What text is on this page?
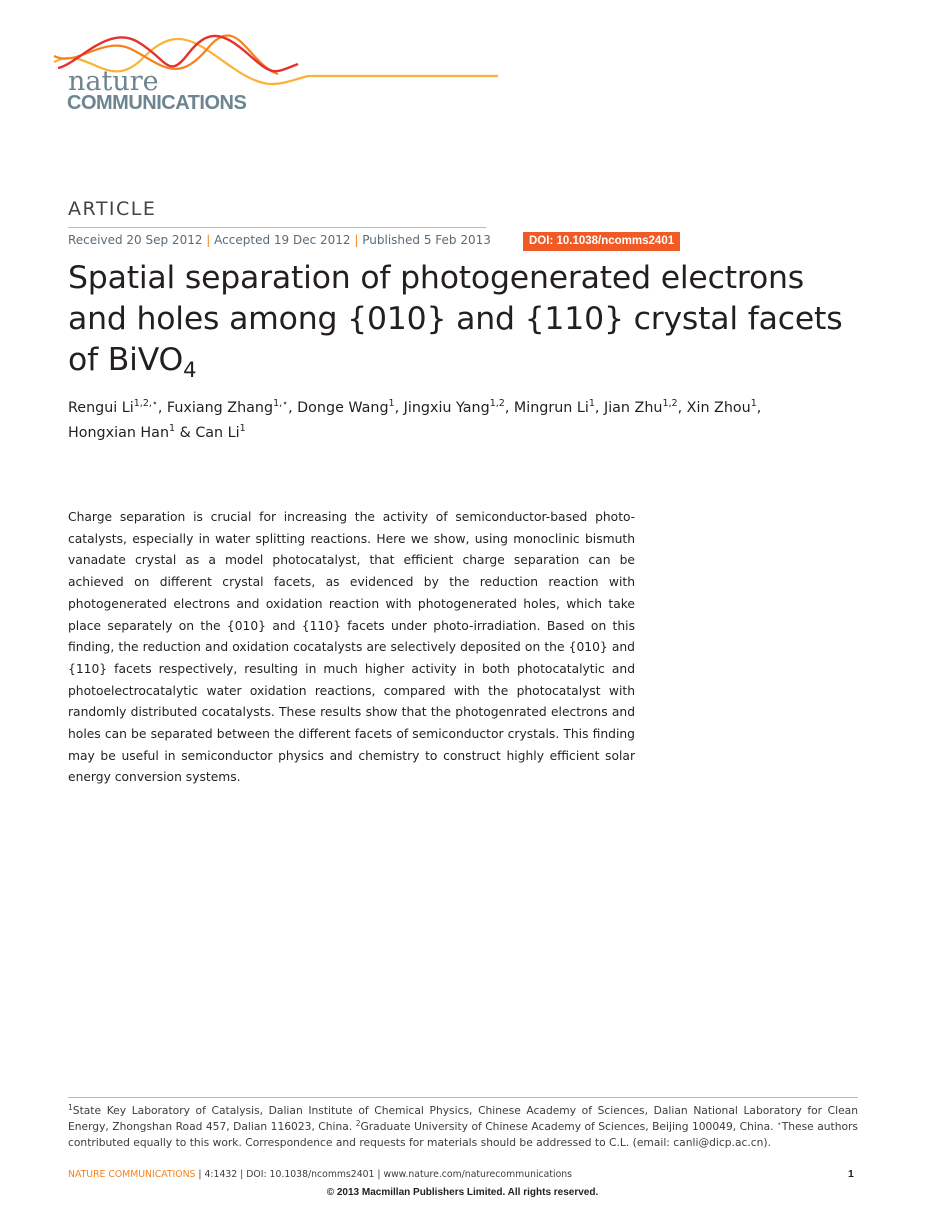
nature
COMMUNICATIONS
ARTICLE
Received 20 Sep 2012 | Accepted 19 Dec 2012 | Published 5 Feb 2013	DOI: 10.1038/ncomms2401
Spatial separation of photogenerated electrons
and holes among {010} and {110} crystal facets
of BiVO$_4$
Rengui $Li^{1,2,⋆}$, Fuxiang Zhang$^{1,⋆}$, Donge Wang$^1$, Jingxiu Yang$^{1,2}$, Mingrun Li$^1$, Jian Zhu$^{1,2}$, Xin Zhou$^1$,
Hongxian Han$^1$ & Can Li$^1$
Charge separation is crucial for increasing the activity of semiconductor-based photocatalysts, especially in water splitting reactions. Here we show, using monoclinic bismuth vanadate crystal as a model photocatalyst, that efficient charge separation can be achieved on different crystal facets, as evidenced by the reduction reaction with photogenerated electrons and oxidation reaction with photogenerated holes, which take place separately on the {010} and {110} facets under photo-irradiation. Based on this finding, the reduction and oxidation cocatalysts are selectively deposited on the {010} and {110} facets respectively, resulting in much higher activity in both photocatalytic and photoelectrocatalytic water oxidation reactions, compared with the photocatalyst with randomly distributed cocatalysts. These results show that the photogenrated electrons and holes can be separated between the different facets of semiconductor crystals. This finding may be useful in semiconductor physics and chemistry to construct highly efficient solar energy conversion systems.
$^1$State Key Laboratory of Catalysis, Dalian Institute of Chemical Physics, Chinese Academy of Sciences, Dalian National Laboratory for Clean Energy, Zhongshan Road 457, Dalian 116023, China. $^2$Graduate University of Chinese Academy of Sciences, Beijing 100049, China. ⋆These authors contributed equally to this work. Correspondence and requests for materials should be addressed to C.L. (email: canli@dicp.ac.cn).
NATURE COMMUNICATIONS | 4:1432 | DOI: 10.1038/ncomms2401 | www.nature.com/naturecommunications	1
© 2013 Macmillan Publishers Limited. All rights reserved.
